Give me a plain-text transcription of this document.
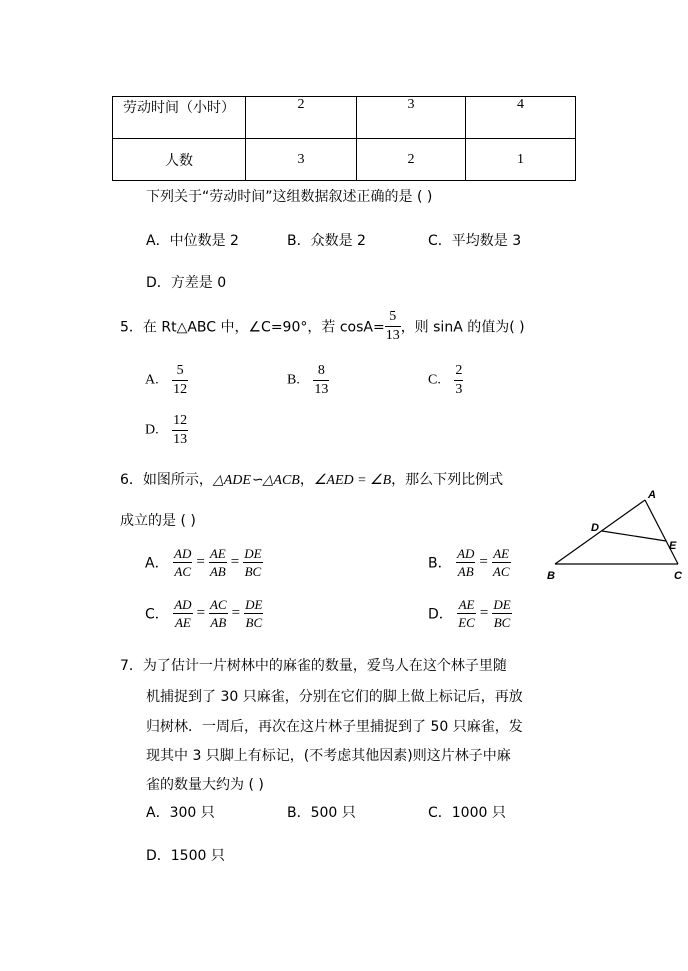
劳动时间（小时）	2	3	4
人数	3	2	1
下列关于“劳动时间”这组数据叙述正确的是 ( )
A．中位数是 2	B．众数是 2	C．平均数是 3
D．方差是 0
5．在 Rt△ABC 中，∠C=90°，若 $\cos A= \frac{5}{13}$ ，则 sinA 的值为( )
A. $\frac{5}{12}$	B. $\frac{8}{13}$	C. $\frac{2}{3}$
D. $\frac{12}{13}$
6．如图所示，△ADE∽△ACB，∠AED = ∠B，那么下列比例式
成立的是 ( )
A． $\frac{AD}{AC} = \frac{AE}{AB} = \frac{DE}{BC}$	B． $\frac{AD}{AB} = \frac{AE}{AC}$
C． $\frac{AD}{AE} = \frac{AC}{AB} = \frac{DE}{BC}$	D． $\frac{AE}{EC} = \frac{DE}{BC}$
A
B	C
D
E
7．为了估计一片树林中的麻雀的数量，爱鸟人在这个林子里随
机捕捉到了 30 只麻雀，分别在它们的脚上做上标记后，再放
归树林．一周后，再次在这片林子里捕捉到了 50 只麻雀，发
现其中 3 只脚上有标记，(不考虑其他因素)则这片林子中麻
雀的数量大约为 ( )
A．300 只	B．500 只	C．1000 只
D．1500 只
